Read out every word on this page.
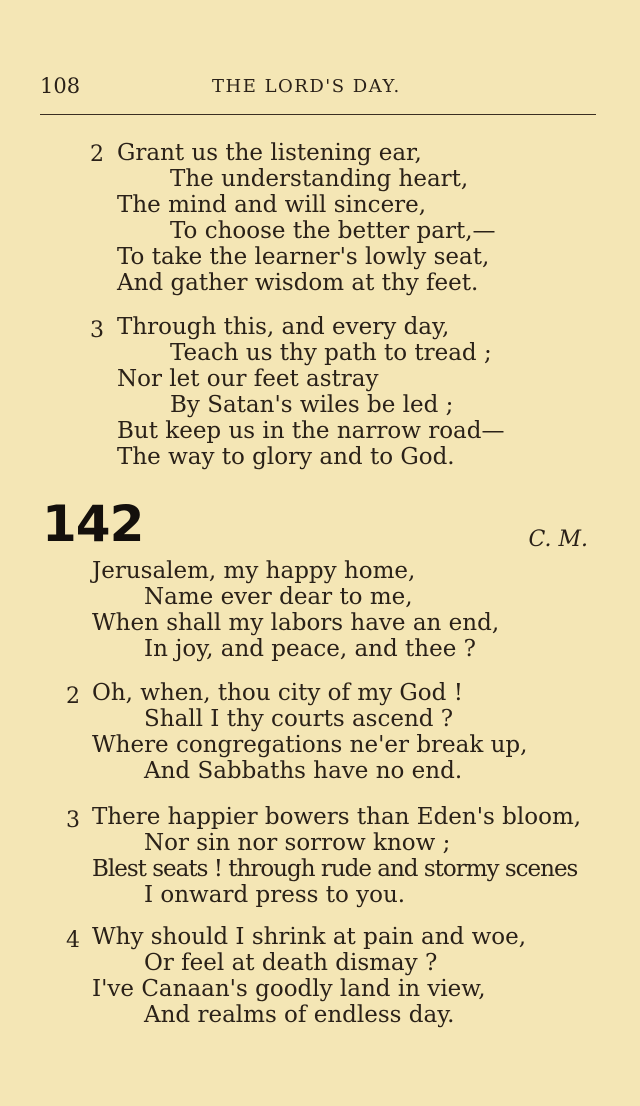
108	THE LORD'S DAY.
2 Grant us the listening ear,
The understanding heart,
The mind and will sincere,
To choose the better part,—
To take the learner's lowly seat,
And gather wisdom at thy feet.
3 Through this, and every day,
Teach us thy path to tread ;
Nor let our feet astray
By Satan's wiles be led ;
But keep us in the narrow road—
The way to glory and to God.
142	C. M.
Jerusalem, my happy home,
Name ever dear to me,
When shall my labors have an end,
In joy, and peace, and thee ?
2 Oh, when, thou city of my God !
Shall I thy courts ascend ?
Where congregations ne'er break up,
And Sabbaths have no end.
3 There happier bowers than Eden's bloom,
Nor sin nor sorrow know ;
Blest seats ! through rude and stormy scenes
I onward press to you.
4 Why should I shrink at pain and woe,
Or feel at death dismay ?
I've Canaan's goodly land in view,
And realms of endless day.
